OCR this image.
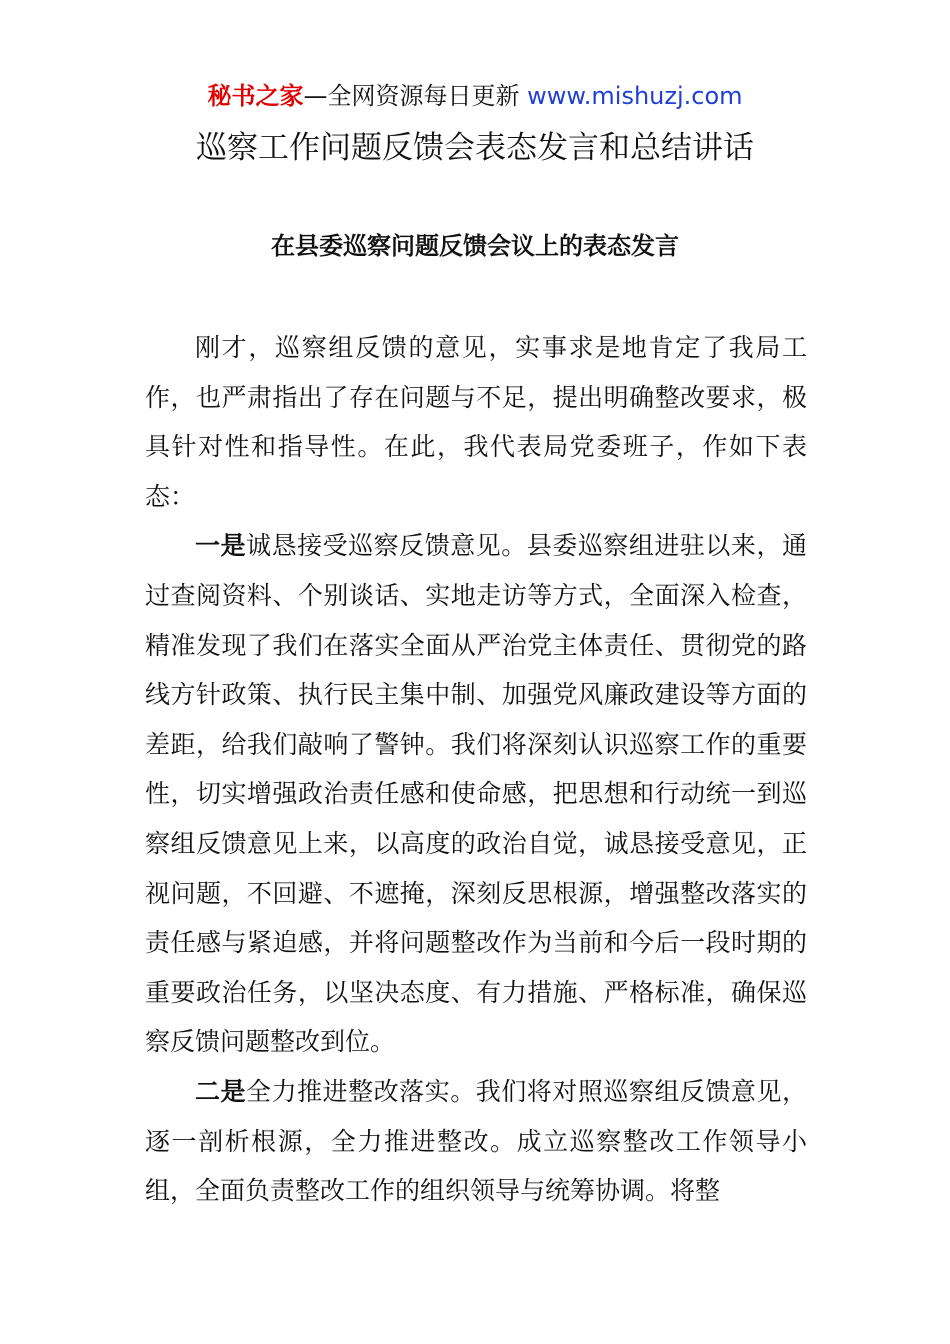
秘书之家—全网资源每日更新 www.mishuzj.com
巡察工作问题反馈会表态发言和总结讲话
在县委巡察问题反馈会议上的表态发言

刚才，巡察组反馈的意见，实事求是地肯定了我局工作，也严肃指出了存在问题与不足，提出明确整改要求，极具针对性和指导性。在此，我代表局党委班子，作如下表态：

一是诚恳接受巡察反馈意见。县委巡察组进驻以来，通过查阅资料、个别谈话、实地走访等方式，全面深入检查，精准发现了我们在落实全面从严治党主体责任、贯彻党的路线方针政策、执行民主集中制、加强党风廉政建设等方面的差距，给我们敲响了警钟。我们将深刻认识巡察工作的重要性，切实增强政治责任感和使命感，把思想和行动统一到巡察组反馈意见上来，以高度的政治自觉，诚恳接受意见，正视问题，不回避、不遮掩，深刻反思根源，增强整改落实的责任感与紧迫感，并将问题整改作为当前和今后一段时期的重要政治任务，以坚决态度、有力措施、严格标准，确保巡察反馈问题整改到位。

二是全力推进整改落实。我们将对照巡察组反馈意见，逐一剖析根源，全力推进整改。成立巡察整改工作领导小组，全面负责整改工作的组织领导与统筹协调。将整
